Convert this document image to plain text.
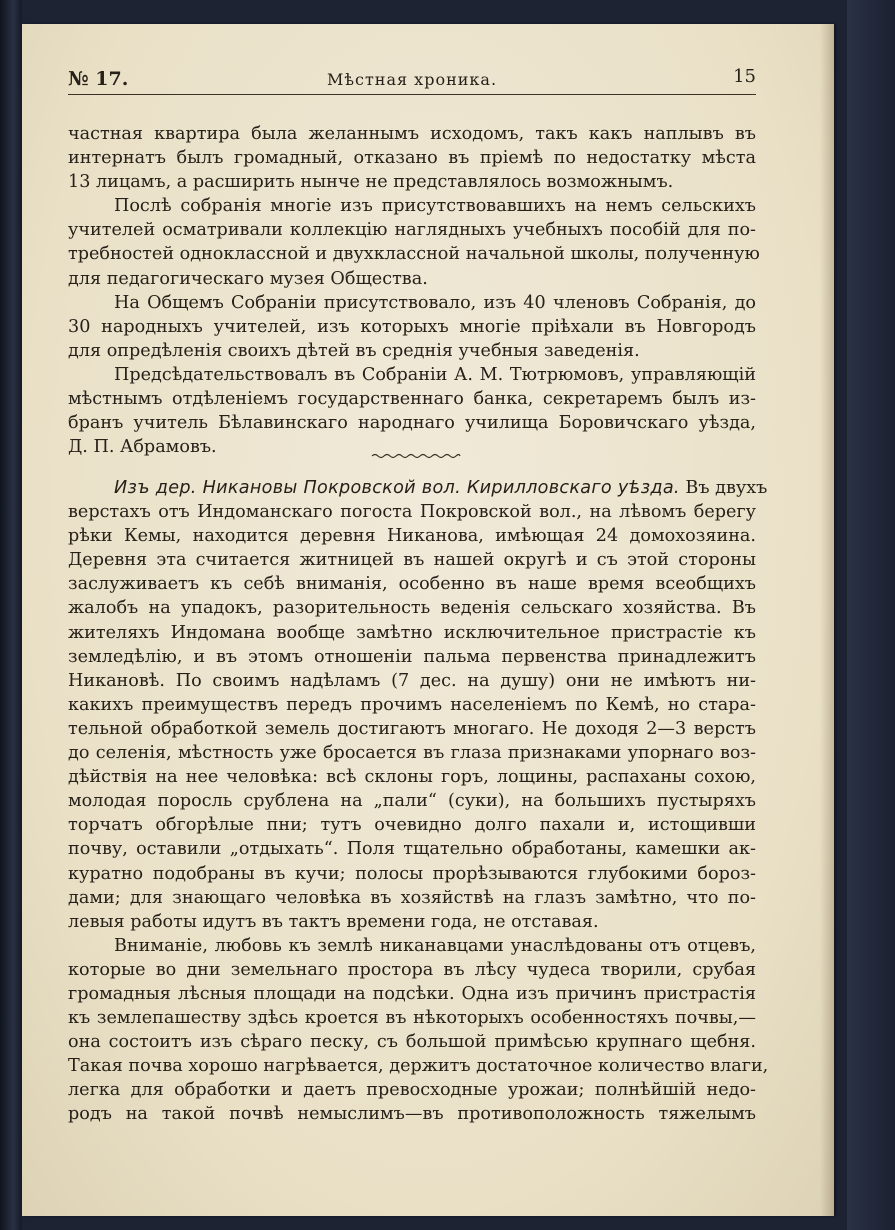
№ 17.	Мѣстная хроника.	15
частная квартира была желаннымъ исходомъ, такъ какъ наплывъ въ
интернатъ былъ громадный, отказано въ пріемѣ по недостатку мѣста
13 лицамъ, а расширить нынче не представлялось возможнымъ.
Послѣ собранія многіе изъ присутствовавшихъ на немъ сельскихъ
учителей осматривали коллекцію наглядныхъ учебныхъ пособій для по-
требностей одноклассной и двухклассной начальной школы, полученную
для педагогическаго музея Общества.
На Общемъ Собраніи присутствовало, изъ 40 членовъ Собранія, до
30 народныхъ учителей, изъ которыхъ многіе пріѣхали въ Новгородъ
для опредѣленія своихъ дѣтей въ среднія учебныя заведенія.
Предсѣдательствовалъ въ Собраніи А. М. Тютрюмовъ, управляющій
мѣстнымъ отдѣленіемъ государственнаго банка, секретаремъ былъ из-
бранъ учитель Бѣлавинскаго народнаго училища Боровичскаго уѣзда,
Д. П. Абрамовъ.
Изъ дер. Никановы Покровской вол. Кирилловскаго уѣзда. Въ двухъ
верстахъ отъ Индоманскаго погоста Покровской вол., на лѣвомъ берегу
рѣки Кемы, находится деревня Никанова, имѣющая 24 домохозяина.
Деревня эта считается житницей въ нашей округѣ и съ этой стороны
заслуживаетъ къ себѣ вниманія, особенно въ наше время всеобщихъ
жалобъ на упадокъ, разорительность веденія сельскаго хозяйства. Въ
жителяхъ Индомана вообще замѣтно исключительное пристрастіе къ
земледѣлію, и въ этомъ отношеніи пальма первенства принадлежитъ
Никановѣ. По своимъ надѣламъ (7 дес. на душу) они не имѣютъ ни-
какихъ преимуществъ передъ прочимъ населеніемъ по Кемѣ, но стара-
тельной обработкой земель достигаютъ многаго. Не доходя 2—3 верстъ
до селенія, мѣстность уже бросается въ глаза признаками упорнаго воз-
дѣйствія на нее человѣка: всѣ склоны горъ, лощины, распаханы сохою,
молодая поросль срублена на „пали“ (суки), на большихъ пустыряхъ
торчатъ обгорѣлые пни; тутъ очевидно долго пахали и, истощивши
почву, оставили „отдыхать“. Поля тщательно обработаны, камешки ак-
куратно подобраны въ кучи; полосы прорѣзываются глубокими бороз-
дами; для знающаго человѣка въ хозяйствѣ на глазъ замѣтно, что по-
левыя работы идутъ въ тактъ времени года, не отставая.
Вниманіе, любовь къ землѣ никанавцами унаслѣдованы отъ отцевъ,
которые во дни земельнаго простора въ лѣсу чудеса творили, срубая
громадныя лѣсныя площади на подсѣки. Одна изъ причинъ пристрастія
къ землепашеству здѣсь кроется въ нѣкоторыхъ особенностяхъ почвы,—
она состоитъ изъ сѣраго песку, съ большой примѣсью крупнаго щебня.
Такая почва хорошо нагрѣвается, держитъ достаточное количество влаги,
легка для обработки и даетъ превосходные урожаи; полнѣйшій недо-
родъ на такой почвѣ немыслимъ—въ противоположность тяжелымъ
